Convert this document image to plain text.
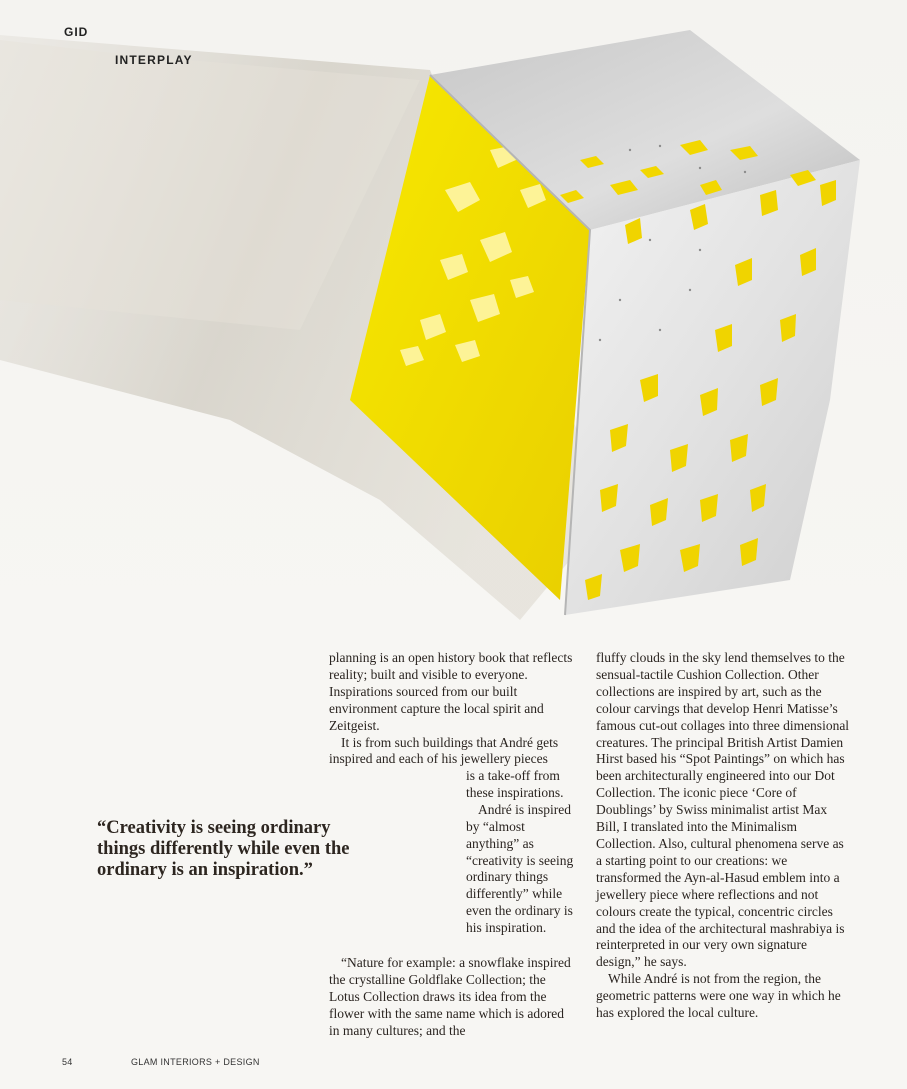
GID
INTERPLAY
“Creativity is seeing ordinary things differently while even the ordinary is an inspiration.”

planning is an open history book that reflects reality; built and visible to everyone. Inspirations sourced from our built environment capture the local spirit and Zeitgeist.

It is from such buildings that André gets inspired and each of his jewellery pieces

is a take-off from these inspirations.

André is inspired by “almost anything” as “creativity is seeing ordinary things differently” while even the ordinary is his inspiration.

“Nature for example: a snowflake inspired the crystalline Goldflake Collection; the Lotus Collection draws its idea from the flower with the same name which is adored in many cultures; and the

fluffy clouds in the sky lend themselves to the sensual-tactile Cushion Collection. Other collections are inspired by art, such as the colour carvings that develop Henri Matisse’s famous cut-out collages into three dimensional creatures. The principal British Artist Damien Hirst based his “Spot Paintings” on which has been architecturally engineered into our Dot Collection. The iconic piece ‘Core of Doublings’ by Swiss minimalist artist Max Bill, I translated into the Minimalism Collection. Also, cultural phenomena serve as a starting point to our creations: we transformed the Ayn-al-Hasud emblem into a jewellery piece where reflections and not colours create the typical, concentric circles and the idea of the architectural mashrabiya is reinterpreted in our very own signature design,” he says.

While André is not from the region, the geometric patterns were one way in which he has explored the local culture.

54	GLAM INTERIORS + DESIGN
